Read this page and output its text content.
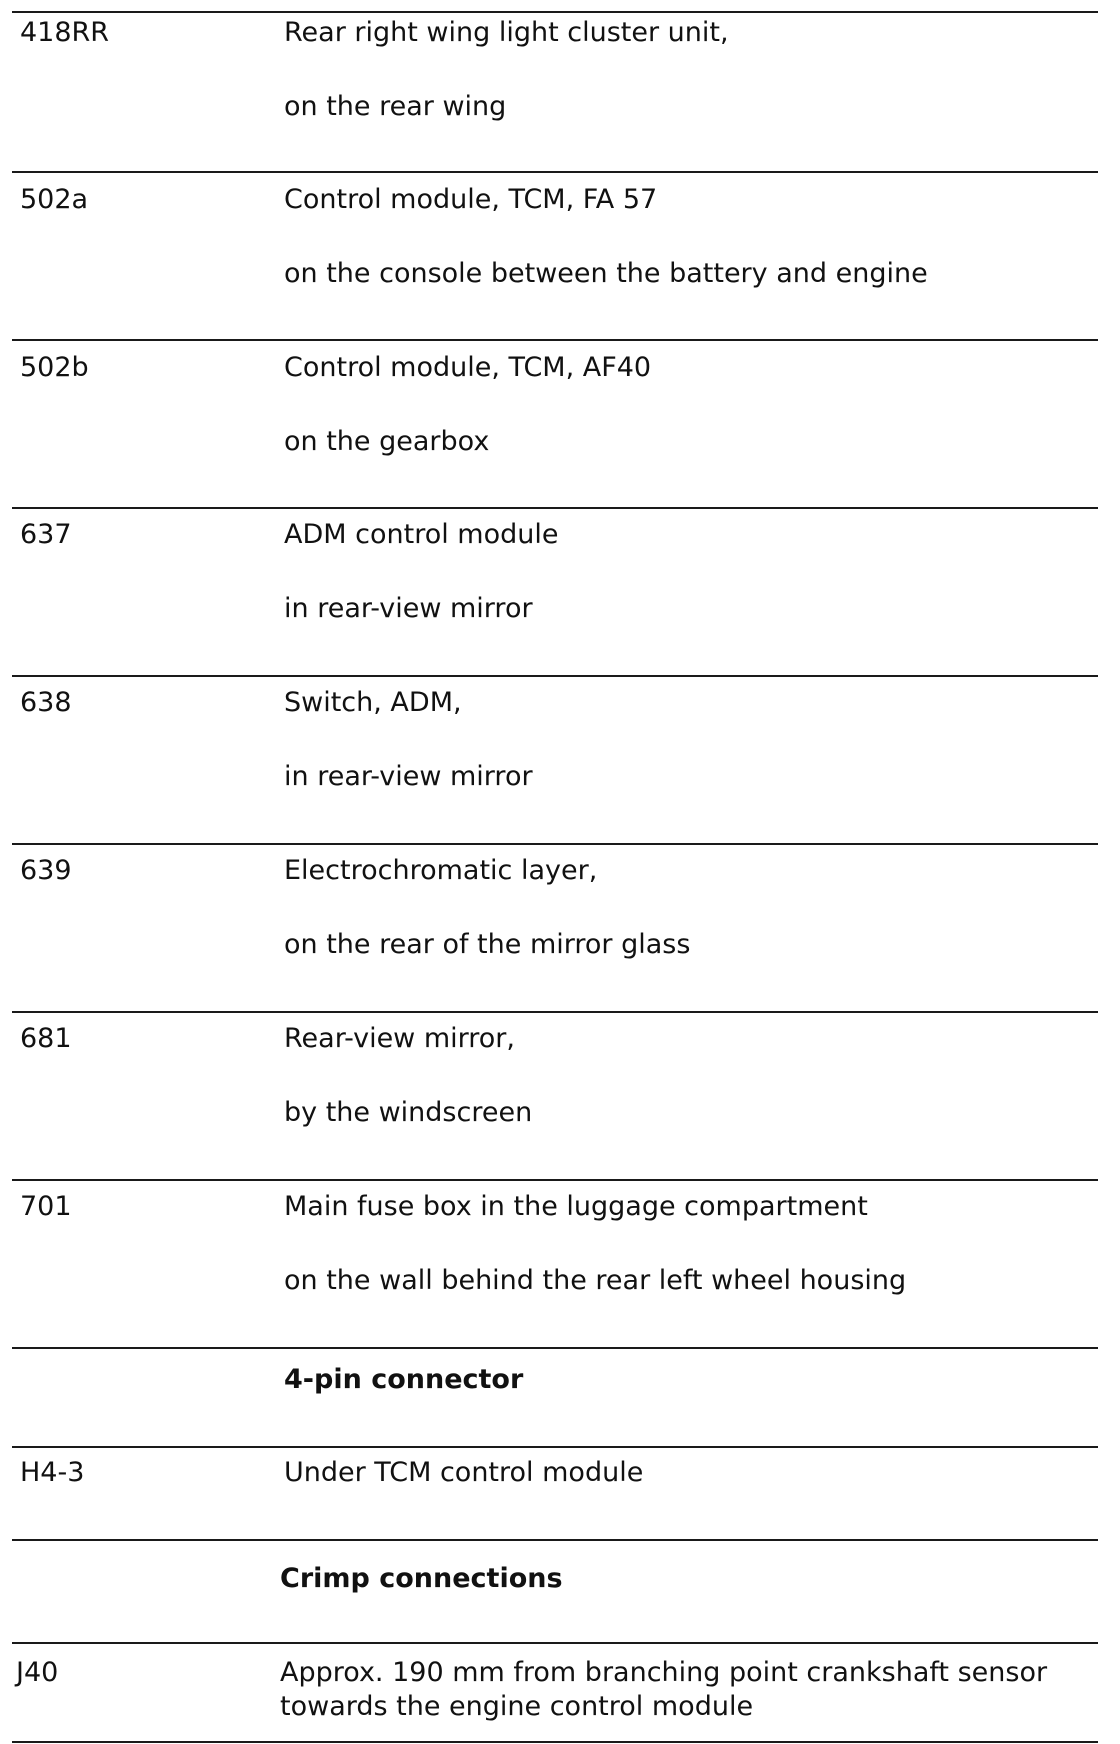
418RR	Rear right wing light cluster unit,
on the rear wing
502a	Control module, TCM, FA 57
on the console between the battery and engine
502b	Control module, TCM, AF40
on the gearbox
637	ADM control module
in rear-view mirror
638	Switch, ADM,
in rear-view mirror
639	Electrochromatic layer,
on the rear of the mirror glass
681	Rear-view mirror,
by the windscreen
701	Main fuse box in the luggage compartment
on the wall behind the rear left wheel housing
4-pin connector
H4-3	Under TCM control module
Crimp connections
J40	Approx. 190 mm from branching point crankshaft sensor towards the engine control module
